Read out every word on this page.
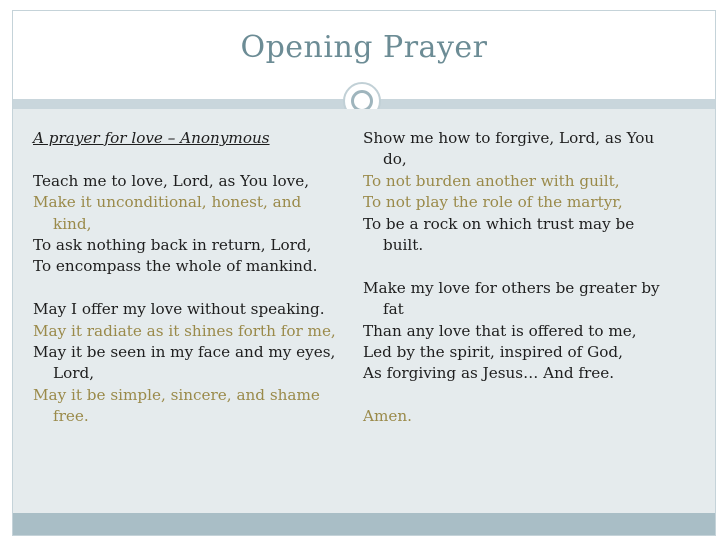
Opening Prayer
A prayer for love – Anonymous
Teach me to love, Lord, as You love,
Make it unconditional, honest, and
kind,
To ask nothing back in return, Lord,
To encompass the whole of mankind.
May I offer my love without speaking.
May it radiate as it shines forth for me,
May it be seen in my face and my eyes,
Lord,
May it be simple, sincere, and shame
free.
Show me how to forgive, Lord, as You
do,
To not burden another with guilt,
To not play the role of the martyr,
To be a rock on which trust may be
built.
Make my love for others be greater by
fat
Than any love that is offered to me,
Led by the spirit, inspired of God,
As forgiving as Jesus… And free.
Amen.
